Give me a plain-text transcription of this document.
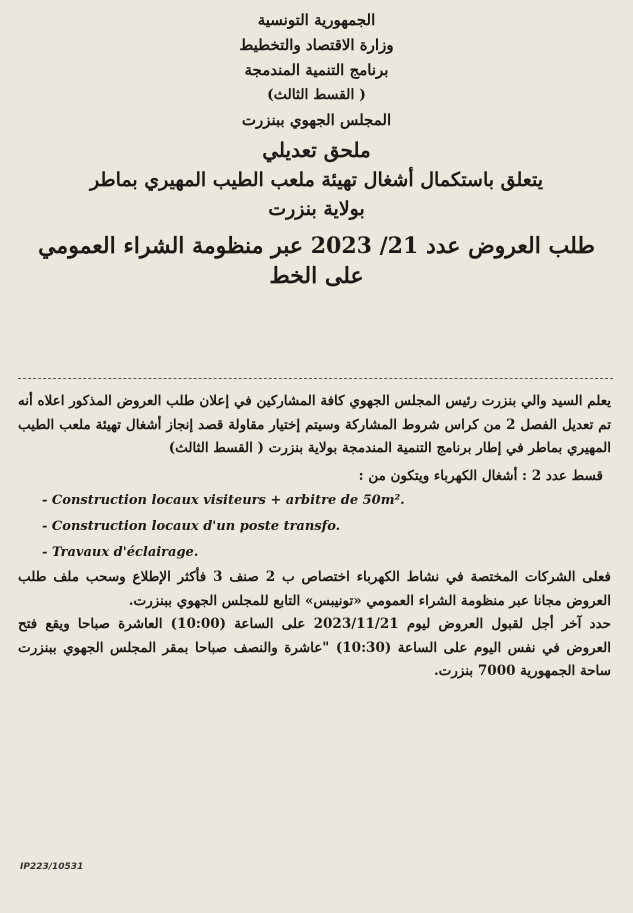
الجمهورية التونسية
وزارة الاقتصاد والتخطيط
برنامج التنمية المندمجة
( القسط الثالث)
المجلس الجهوي ببنزرت
ملحق تعديلي
يتعلق باستكمال أشغال تهيئة ملعب الطيب المهيري بماطر
بولاية بنزرت
طلب العروض عدد 21/ 2023 عبر منظومة الشراء العمومي على الخط

يعلم السيد والي بنزرت رئيس المجلس الجهوي كافة المشاركين في إعلان طلب العروض المذكور اعلاه أنه تم تعديل الفصل 2 من كراس شروط المشاركة وسيتم إختيار مقاولة قصد إنجاز أشغال تهيئة ملعب الطيب المهيري بماطر في إطار برنامج التنمية المندمجة بولاية بنزرت ( القسط الثالث)

قسط عدد 2 : أشغال الكهرباء ويتكون من :

- Construction locaux visiteurs + arbitre de 50m².
- Construction locaux d'un poste transfo.
- Travaux d'éclairage.

فعلى الشركات المختصة في نشاط الكهرباء اختصاص ب 2 صنف 3 فأكثر الإطلاع وسحب ملف طلب العروض مجانا عبر منظومة الشراء العمومي «تونيبس» التابع للمجلس الجهوي ببنزرت.

حدد آخر أجل لقبول العروض ليوم 2023/11/21 على الساعة (10:00) العاشرة صباحا ويقع فتح العروض في نفس اليوم على الساعة (10:30) "عاشرة والنصف صباحا بمقر المجلس الجهوي ببنزرت ساحة الجمهورية 7000 بنزرت.

IP223/10531
